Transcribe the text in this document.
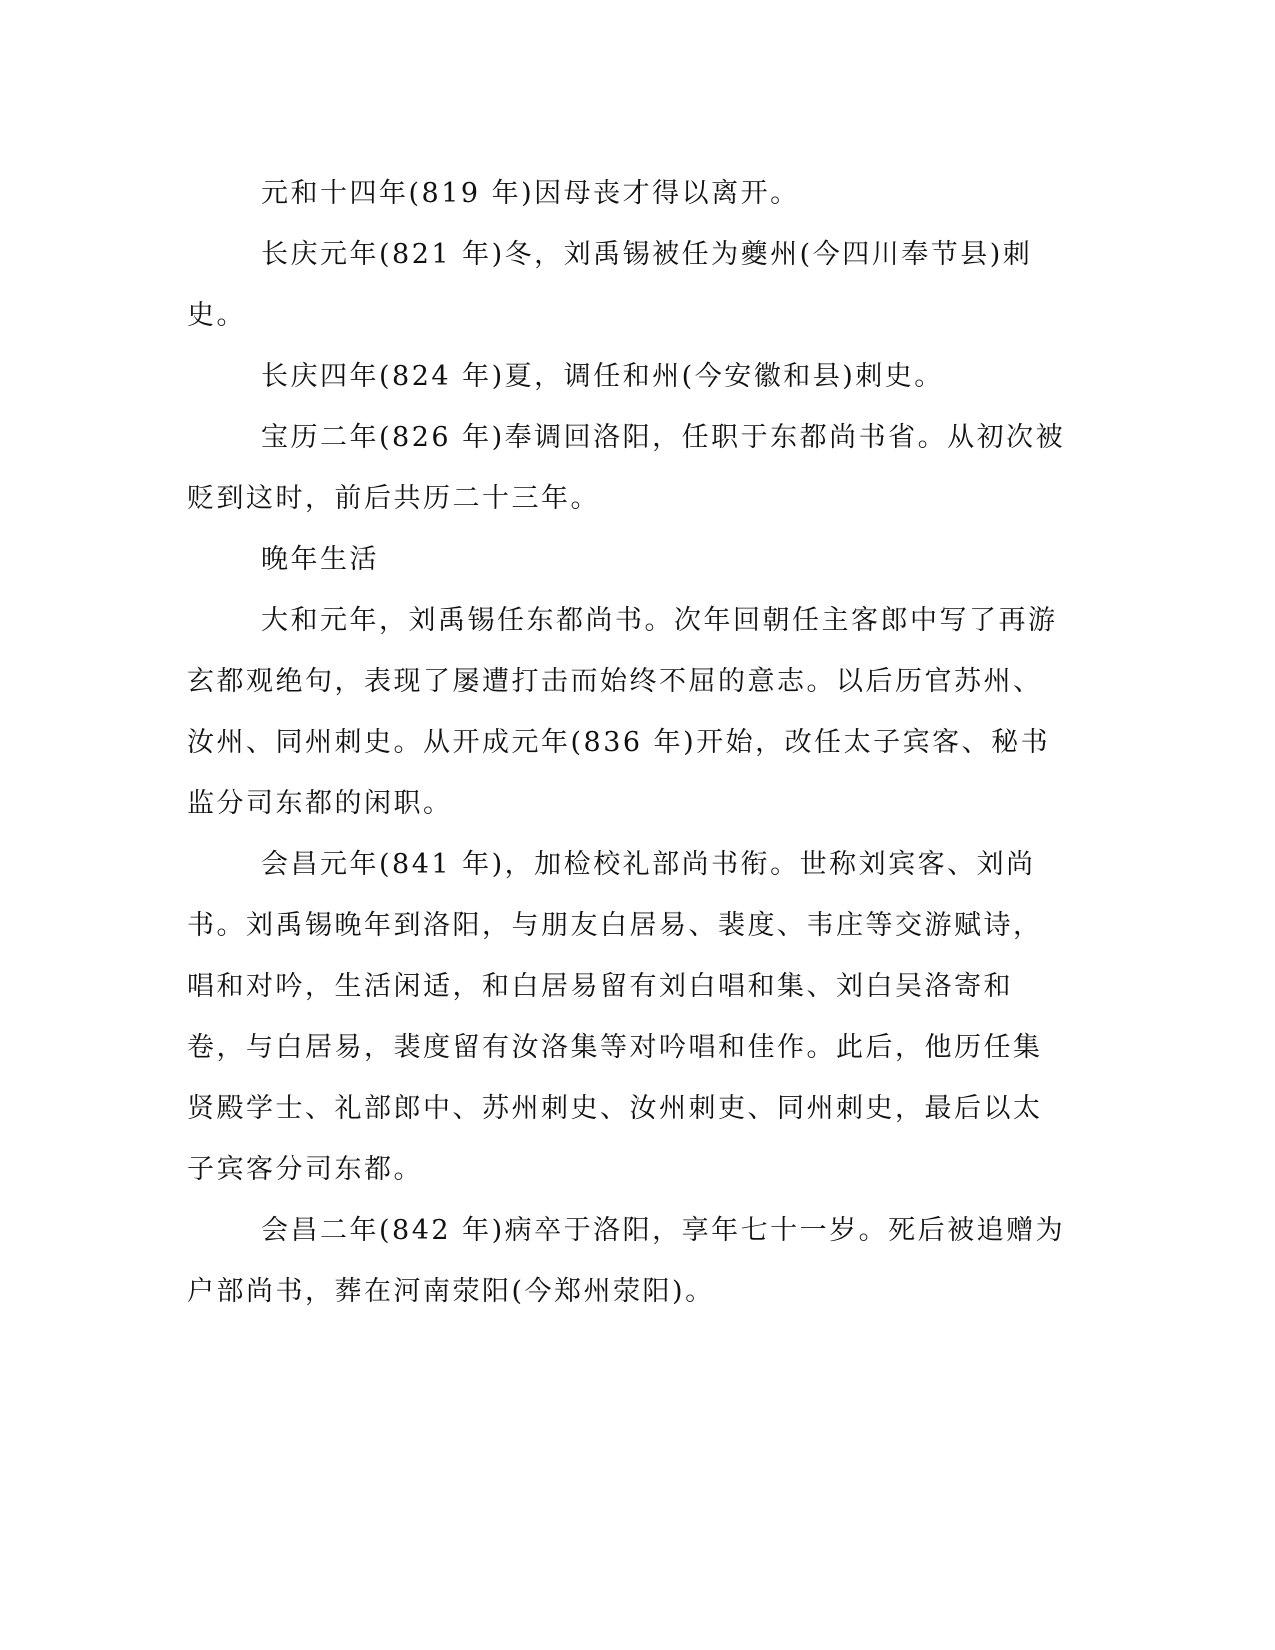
元和十四年(819 年)因母丧才得以离开。

长庆元年(821 年)冬，刘禹锡被任为夔州(今四川奉节县)刺史。

长庆四年(824 年)夏，调任和州(今安徽和县)刺史。

宝历二年(826 年)奉调回洛阳，任职于东都尚书省。从初次被贬到这时，前后共历二十三年。

晚年生活

大和元年，刘禹锡任东都尚书。次年回朝任主客郎中写了再游玄都观绝句，表现了屡遭打击而始终不屈的意志。以后历官苏州、汝州、同州刺史。从开成元年(836 年)开始，改任太子宾客、秘书监分司东都的闲职。

会昌元年(841 年)，加检校礼部尚书衔。世称刘宾客、刘尚书。刘禹锡晚年到洛阳，与朋友白居易、裴度、韦庄等交游赋诗，唱和对吟，生活闲适，和白居易留有刘白唱和集、刘白吴洛寄和卷，与白居易，裴度留有汝洛集等对吟唱和佳作。此后，他历任集贤殿学士、礼部郎中、苏州刺史、汝州刺吏、同州刺史，最后以太子宾客分司东都。

会昌二年(842 年)病卒于洛阳，享年七十一岁。死后被追赠为户部尚书，葬在河南荥阳(今郑州荥阳)。
